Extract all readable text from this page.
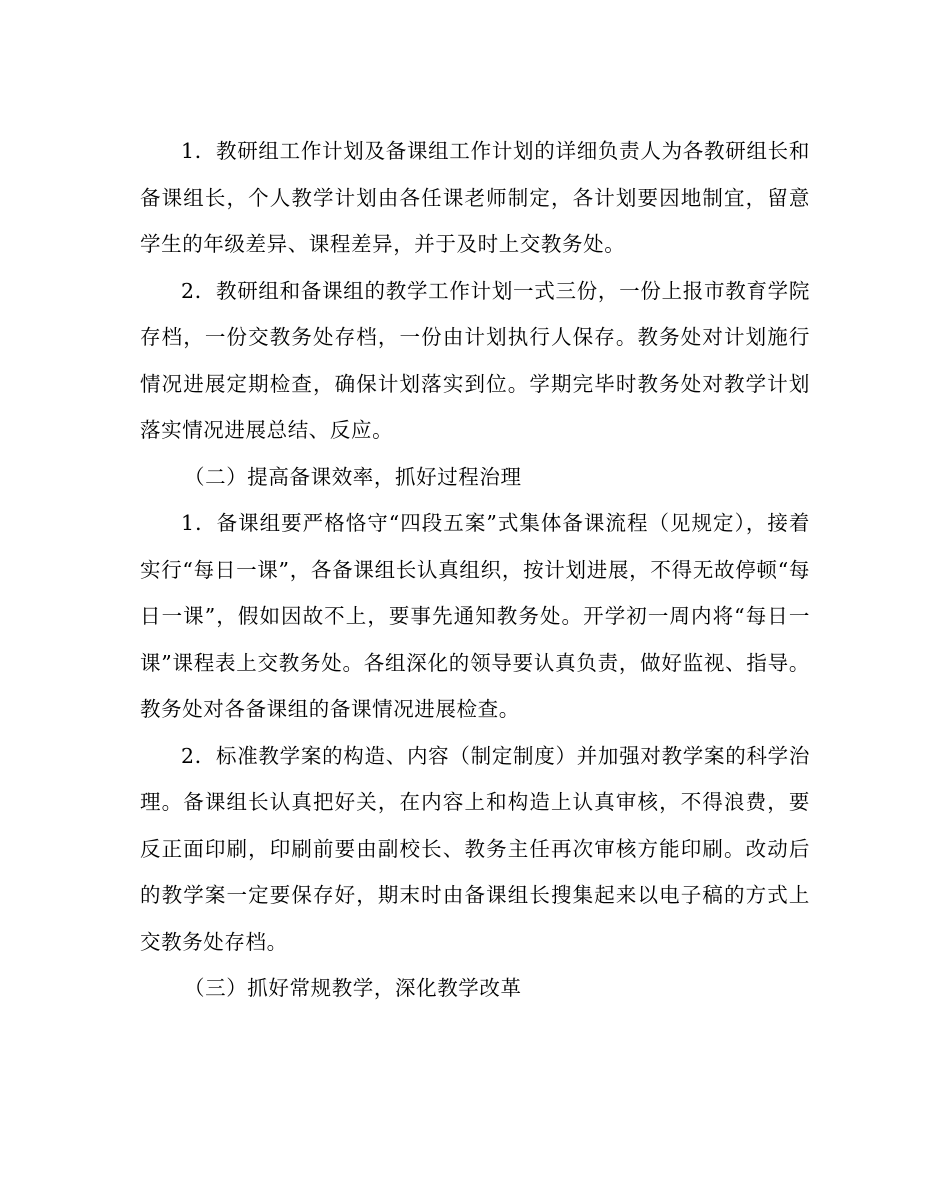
1．教研组工作计划及备课组工作计划的详细负责人为各教研组长和备课组长，个人教学计划由各任课老师制定，各计划要因地制宜，留意学生的年级差异、课程差异，并于及时上交教务处。

2．教研组和备课组的教学工作计划一式三份，一份上报市教育学院存档，一份交教务处存档，一份由计划执行人保存。教务处对计划施行情况进展定期检查，确保计划落实到位。学期完毕时教务处对教学计划落实情况进展总结、反应。

（二）提高备课效率，抓好过程治理

1．备课组要严格恪守“四段五案”式集体备课流程（见规定），接着实行“每日一课”，各备课组长认真组织，按计划进展，不得无故停顿“每日一课”，假如因故不上，要事先通知教务处。开学初一周内将“每日一课”课程表上交教务处。各组深化的领导要认真负责，做好监视、指导。教务处对各备课组的备课情况进展检查。

2．标准教学案的构造、内容（制定制度）并加强对教学案的科学治理。备课组长认真把好关，在内容上和构造上认真审核，不得浪费，要反正面印刷，印刷前要由副校长、教务主任再次审核方能印刷。改动后的教学案一定要保存好，期末时由备课组长搜集起来以电子稿的方式上交教务处存档。

（三）抓好常规教学，深化教学改革
